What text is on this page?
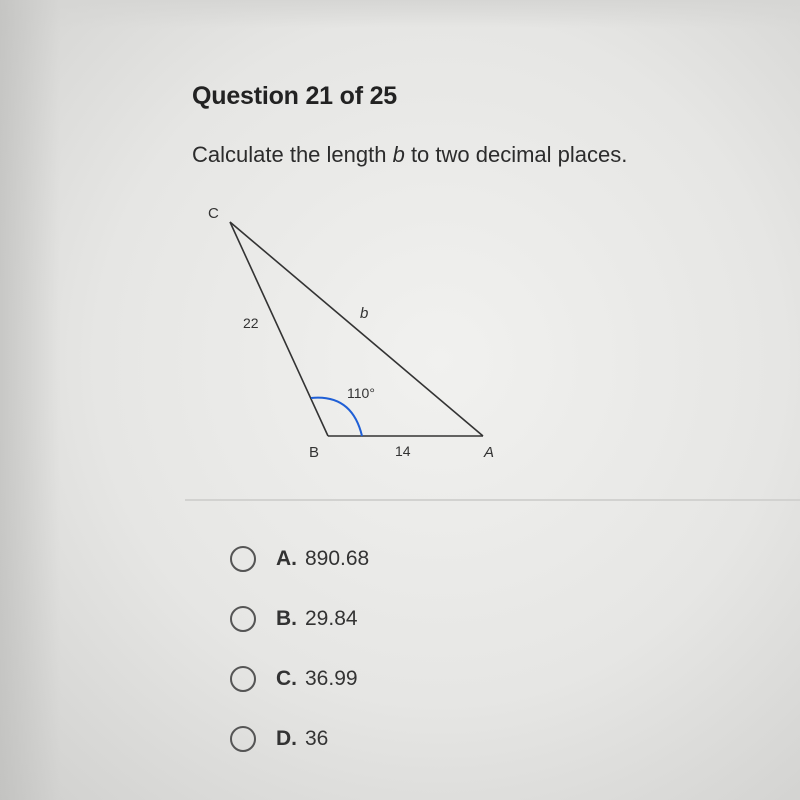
Question 21 of 25
Calculate the length b to two decimal places.
C
B	A
22
b
14
110°
A. 890.68
B. 29.84
C. 36.99
D. 36
